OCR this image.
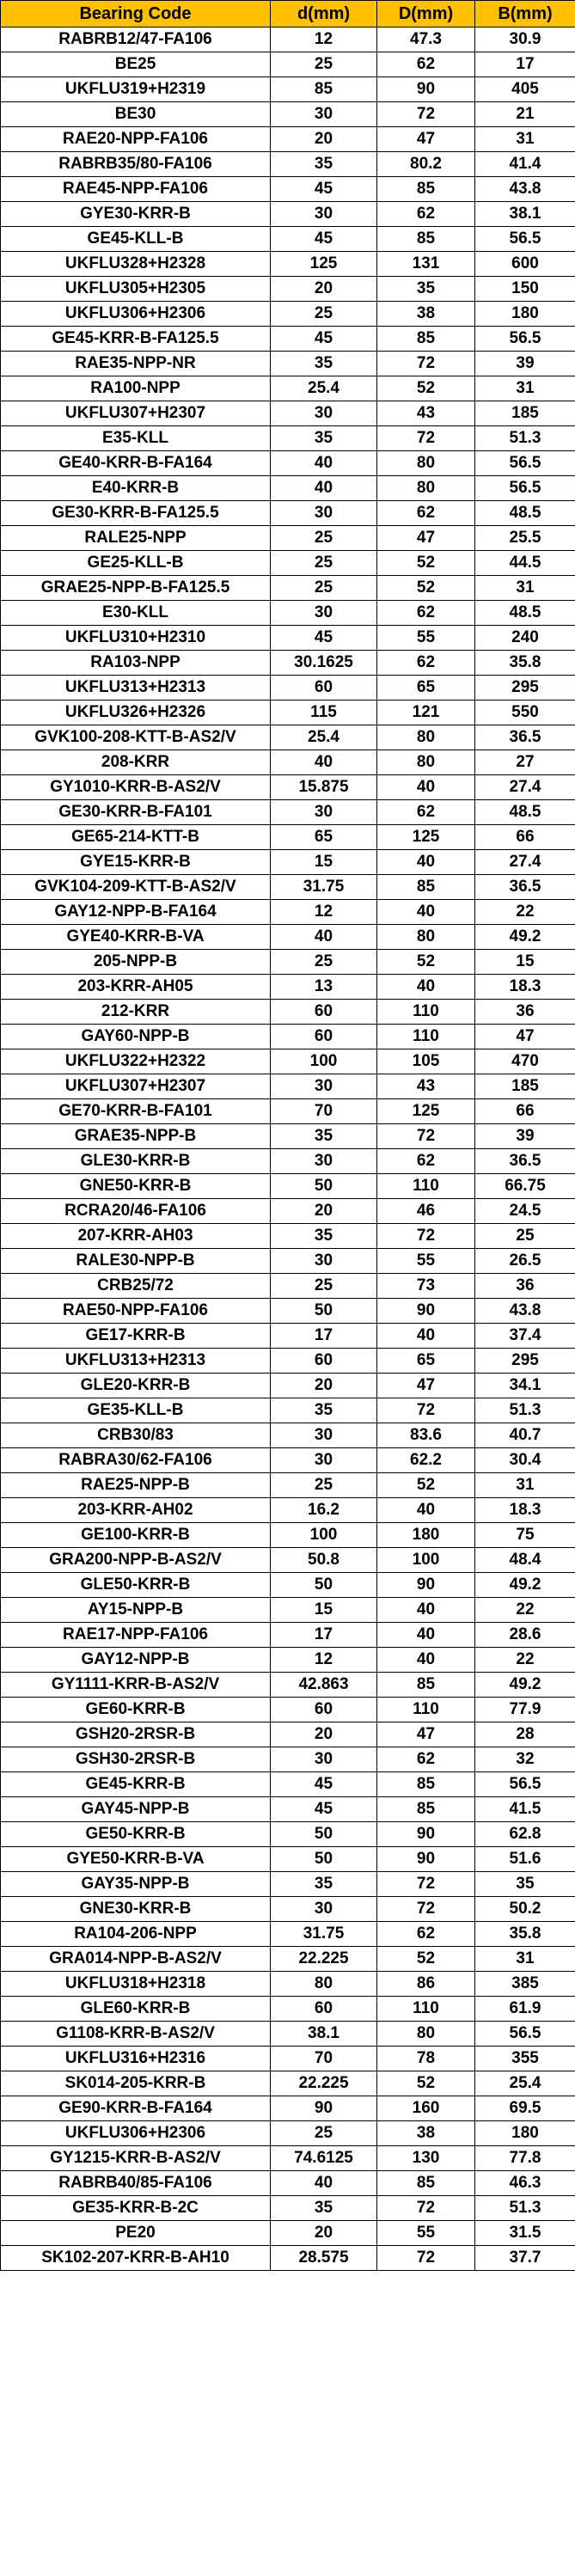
Bearing Code	d(mm)	D(mm)	B(mm)
RABRB12/47-FA106	12	47.3	30.9
BE25	25	62	17
UKFLU319+H2319	85	90	405
BE30	30	72	21
RAE20-NPP-FA106	20	47	31
RABRB35/80-FA106	35	80.2	41.4
RAE45-NPP-FA106	45	85	43.8
GYE30-KRR-B	30	62	38.1
GE45-KLL-B	45	85	56.5
UKFLU328+H2328	125	131	600
UKFLU305+H2305	20	35	150
UKFLU306+H2306	25	38	180
GE45-KRR-B-FA125.5	45	85	56.5
RAE35-NPP-NR	35	72	39
RA100-NPP	25.4	52	31
UKFLU307+H2307	30	43	185
E35-KLL	35	72	51.3
GE40-KRR-B-FA164	40	80	56.5
E40-KRR-B	40	80	56.5
GE30-KRR-B-FA125.5	30	62	48.5
RALE25-NPP	25	47	25.5
GE25-KLL-B	25	52	44.5
GRAE25-NPP-B-FA125.5	25	52	31
E30-KLL	30	62	48.5
UKFLU310+H2310	45	55	240
RA103-NPP	30.1625	62	35.8
UKFLU313+H2313	60	65	295
UKFLU326+H2326	115	121	550
GVK100-208-KTT-B-AS2/V	25.4	80	36.5
208-KRR	40	80	27
GY1010-KRR-B-AS2/V	15.875	40	27.4
GE30-KRR-B-FA101	30	62	48.5
GE65-214-KTT-B	65	125	66
GYE15-KRR-B	15	40	27.4
GVK104-209-KTT-B-AS2/V	31.75	85	36.5
GAY12-NPP-B-FA164	12	40	22
GYE40-KRR-B-VA	40	80	49.2
205-NPP-B	25	52	15
203-KRR-AH05	13	40	18.3
212-KRR	60	110	36
GAY60-NPP-B	60	110	47
UKFLU322+H2322	100	105	470
UKFLU307+H2307	30	43	185
GE70-KRR-B-FA101	70	125	66
GRAE35-NPP-B	35	72	39
GLE30-KRR-B	30	62	36.5
GNE50-KRR-B	50	110	66.75
RCRA20/46-FA106	20	46	24.5
207-KRR-AH03	35	72	25
RALE30-NPP-B	30	55	26.5
CRB25/72	25	73	36
RAE50-NPP-FA106	50	90	43.8
GE17-KRR-B	17	40	37.4
UKFLU313+H2313	60	65	295
GLE20-KRR-B	20	47	34.1
GE35-KLL-B	35	72	51.3
CRB30/83	30	83.6	40.7
RABRA30/62-FA106	30	62.2	30.4
RAE25-NPP-B	25	52	31
203-KRR-AH02	16.2	40	18.3
GE100-KRR-B	100	180	75
GRA200-NPP-B-AS2/V	50.8	100	48.4
GLE50-KRR-B	50	90	49.2
AY15-NPP-B	15	40	22
RAE17-NPP-FA106	17	40	28.6
GAY12-NPP-B	12	40	22
GY1111-KRR-B-AS2/V	42.863	85	49.2
GE60-KRR-B	60	110	77.9
GSH20-2RSR-B	20	47	28
GSH30-2RSR-B	30	62	32
GE45-KRR-B	45	85	56.5
GAY45-NPP-B	45	85	41.5
GE50-KRR-B	50	90	62.8
GYE50-KRR-B-VA	50	90	51.6
GAY35-NPP-B	35	72	35
GNE30-KRR-B	30	72	50.2
RA104-206-NPP	31.75	62	35.8
GRA014-NPP-B-AS2/V	22.225	52	31
UKFLU318+H2318	80	86	385
GLE60-KRR-B	60	110	61.9
G1108-KRR-B-AS2/V	38.1	80	56.5
UKFLU316+H2316	70	78	355
SK014-205-KRR-B	22.225	52	25.4
GE90-KRR-B-FA164	90	160	69.5
UKFLU306+H2306	25	38	180
GY1215-KRR-B-AS2/V	74.6125	130	77.8
RABRB40/85-FA106	40	85	46.3
GE35-KRR-B-2C	35	72	51.3
PE20	20	55	31.5
SK102-207-KRR-B-AH10	28.575	72	37.7
